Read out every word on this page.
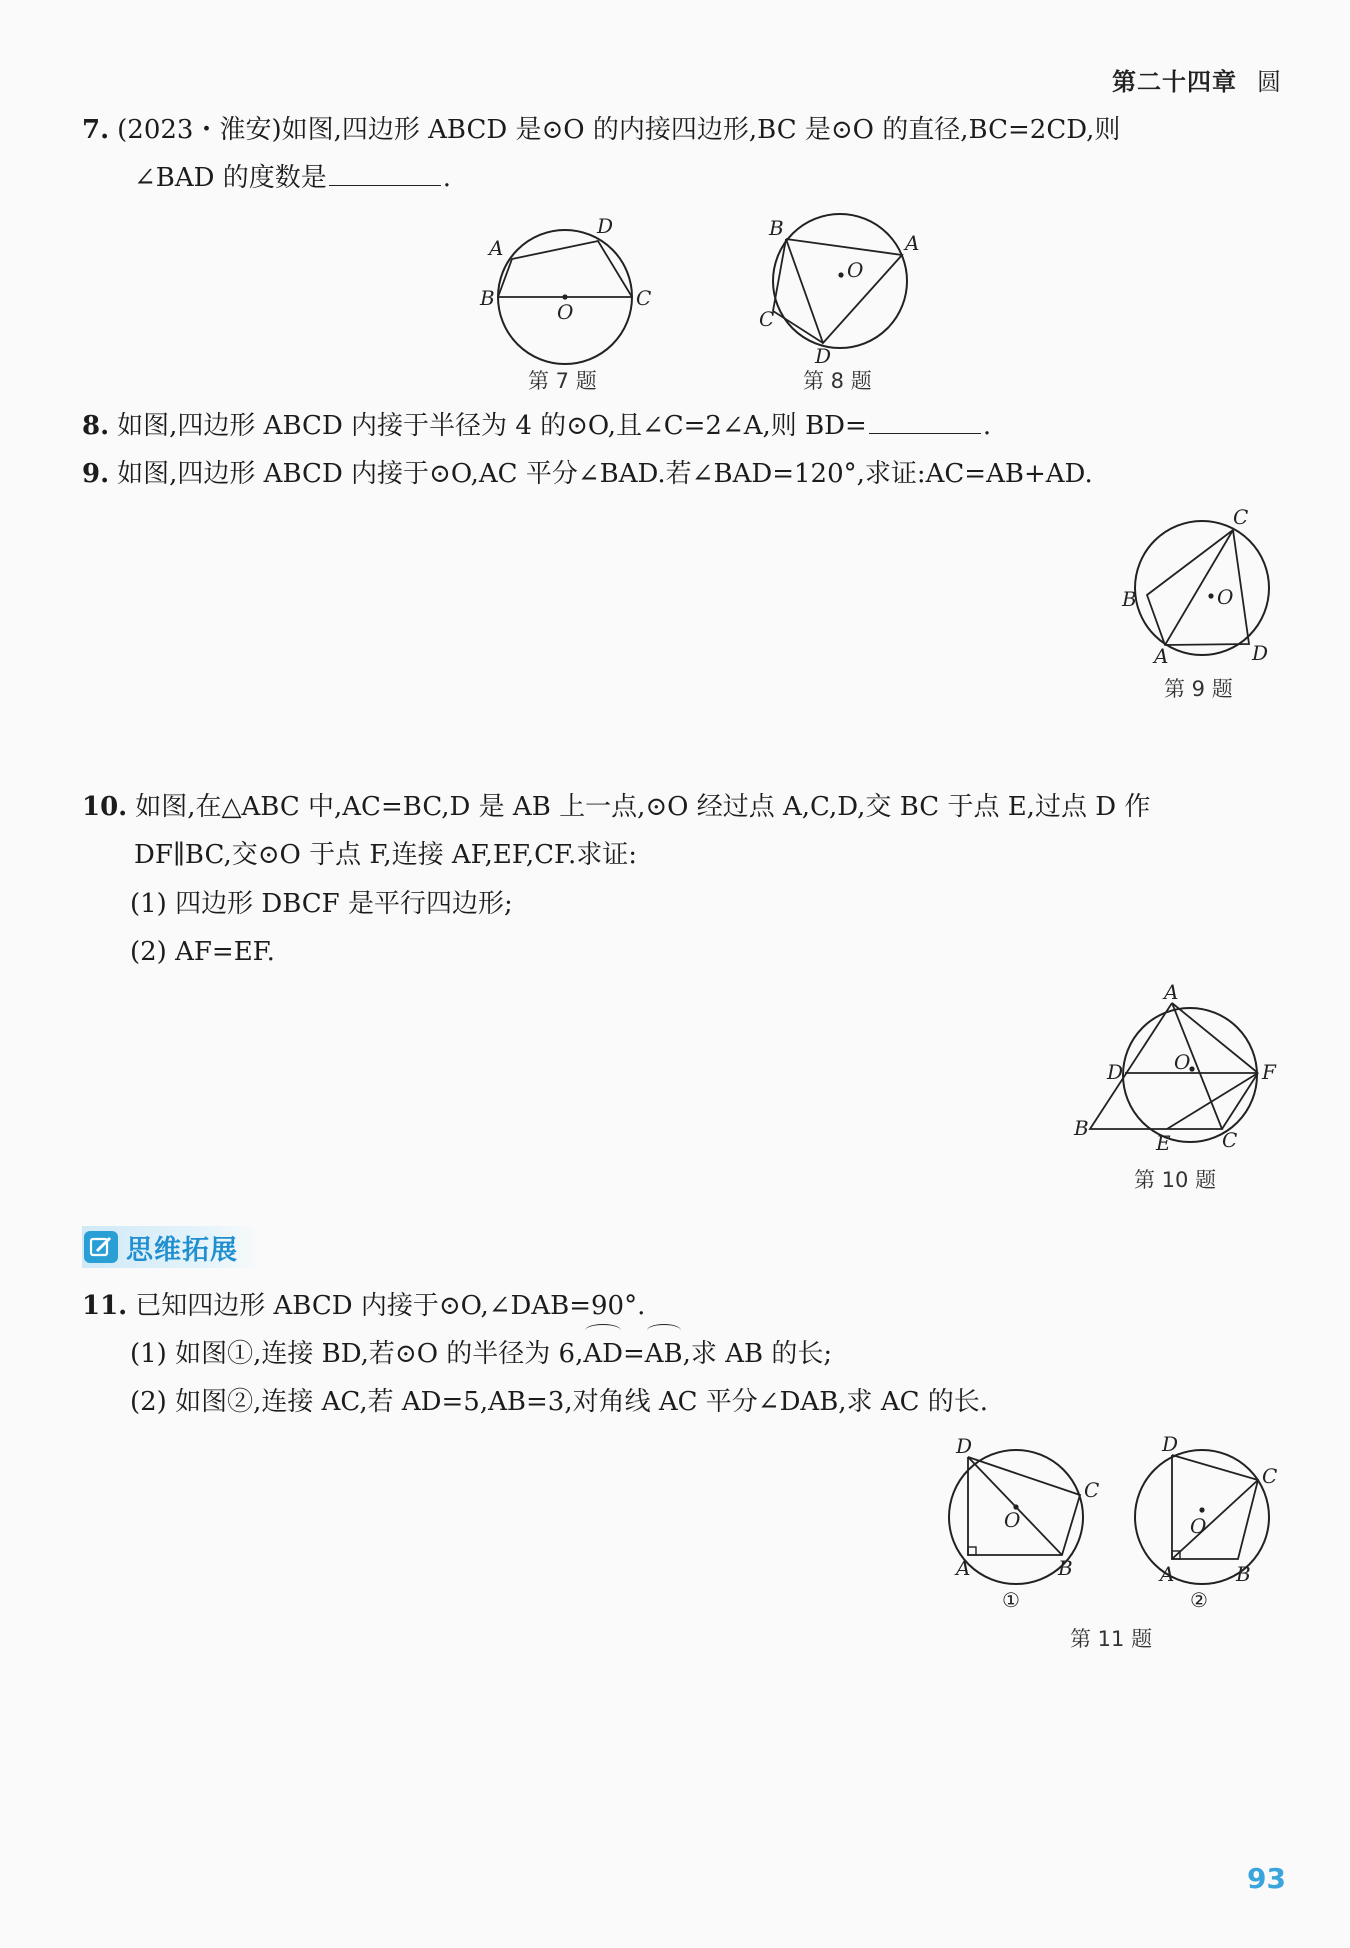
第二十四章 圆
7. (2023・淮安)如图,四边形 ABCD 是⊙O 的内接四边形,BC 是⊙O 的直径,BC=2CD,则
∠BAD 的度数是	.
A
B	C
D
O
第 7 题
B
A
C
D
O
第 8 题
8. 如图,四边形 ABCD 内接于半径为 4 的⊙O,且∠C=2∠A,则 BD=	.
9. 如图,四边形 ABCD 内接于⊙O,AC 平分∠BAD.若∠BAD=120°,求证:AC=AB+AD.
C
B
A	D
O
第 9 题
10. 如图,在△ABC 中,AC=BC,D 是 AB 上一点,⊙O 经过点 A,C,D,交 BC 于点 E,过点 D 作
DF∥BC,交⊙O 于点 F,连接 AF,EF,CF.求证:
(1) 四边形 DBCF 是平行四边形;
(2) AF=EF.
A
D	F
B
E	C
O
第 10 题
思维拓展
11. 已知四边形 ABCD 内接于⊙O,∠DAB=90°.
(1) 如图①,连接 BD,若⊙O 的半径为 6,AD=AB,求 AB 的长;
(2) 如图②,连接 AC,若 AD=5,AB=3,对角线 AC 平分∠DAB,求 AC 的长.
D
C
A	B
O
①
D
C
A	B
O
②
第 11 题
93
